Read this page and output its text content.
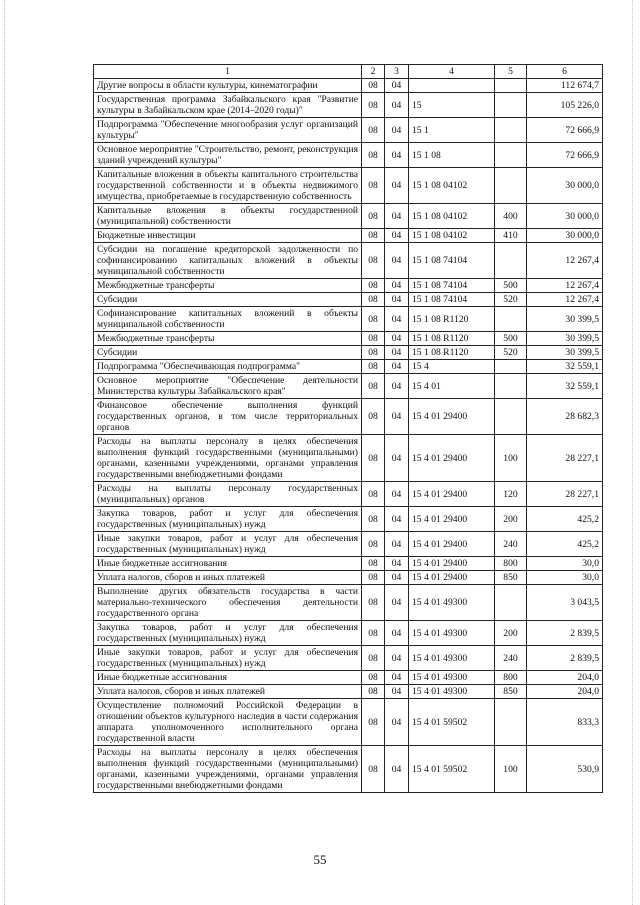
1	2	3	4	5	6
Другие вопросы в области культуры, кинематографии	08	04			112 674,7
Государственная программа Забайкальского края "Развитие культуры в Забайкальском крае (2014–2020 годы)"	08	04	15		105 226,0
Подпрограмма "Обеспечение многообразия услуг организаций культуры"	08	04	15 1		72 666,9
Основное мероприятие "Строительство, ремонт, реконструкция зданий учреждений культуры"	08	04	15 1 08		72 666,9
Капитальные вложения в объекты капитального строительства государственной собственности и в объекты недвижимого имущества, приобретаемые в государственную собственность	08	04	15 1 08 04102		30 000,0
Капитальные вложения в объекты государственной (муниципальной) собственности	08	04	15 1 08 04102	400	30 000,0
Бюджетные инвестиции	08	04	15 1 08 04102	410	30 000,0
Субсидии на погашение кредиторской задолженности по софинансированию капитальных вложений в объекты муниципальной собственности	08	04	15 1 08 74104		12 267,4
Межбюджетные трансферты	08	04	15 1 08 74104	500	12 267,4
Субсидии	08	04	15 1 08 74104	520	12 267,4
Софинансирование капитальных вложений в объекты муниципальной собственности	08	04	15 1 08 R1120		30 399,5
Межбюджетные трансферты	08	04	15 1 08 R1120	500	30 399,5
Субсидии	08	04	15 1 08 R1120	520	30 399,5
Подпрограмма "Обеспечивающая подпрограмма"	08	04	15 4		32 559,1
Основное мероприятие "Обеспечение деятельности Министерства культуры Забайкальского края"	08	04	15 4 01		32 559,1
Финансовое обеспечение выполнения функций государственных органов, в том числе территориальных органов	08	04	15 4 01 29400		28 682,3
Расходы на выплаты персоналу в целях обеспечения выполнения функций государственными (муниципальными) органами, казенными учреждениями, органами управления государственными внебюджетными фондами	08	04	15 4 01 29400	100	28 227,1
Расходы на выплаты персоналу государственных (муниципальных) органов	08	04	15 4 01 29400	120	28 227,1
Закупка товаров, работ и услуг для обеспечения государственных (муниципальных) нужд	08	04	15 4 01 29400	200	425,2
Иные закупки товаров, работ и услуг для обеспечения государственных (муниципальных) нужд	08	04	15 4 01 29400	240	425,2
Иные бюджетные ассигнования	08	04	15 4 01 29400	800	30,0
Уплата налогов, сборов и иных платежей	08	04	15 4 01 29400	850	30,0
Выполнение других обязательств государства в части материально-технического обеспечения деятельности государственного органа	08	04	15 4 01 49300		3 043,5
Закупка товаров, работ и услуг для обеспечения государственных (муниципальных) нужд	08	04	15 4 01 49300	200	2 839,5
Иные закупки товаров, работ и услуг для обеспечения государственных (муниципальных) нужд	08	04	15 4 01 49300	240	2 839,5
Иные бюджетные ассигнования	08	04	15 4 01 49300	800	204,0
Уплата налогов, сборов и иных платежей	08	04	15 4 01 49300	850	204,0
Осуществление полномочий Российской Федерации в отношении объектов культурного наследия в части содержания аппарата уполномоченного исполнительного органа государственной власти	08	04	15 4 01 59502		833,3
Расходы на выплаты персоналу в целях обеспечения выполнения функций государственными (муниципальными) органами, казенными учреждениями, органами управления государственными внебюджетными фондами	08	04	15 4 01 59502	100	530,9
55
